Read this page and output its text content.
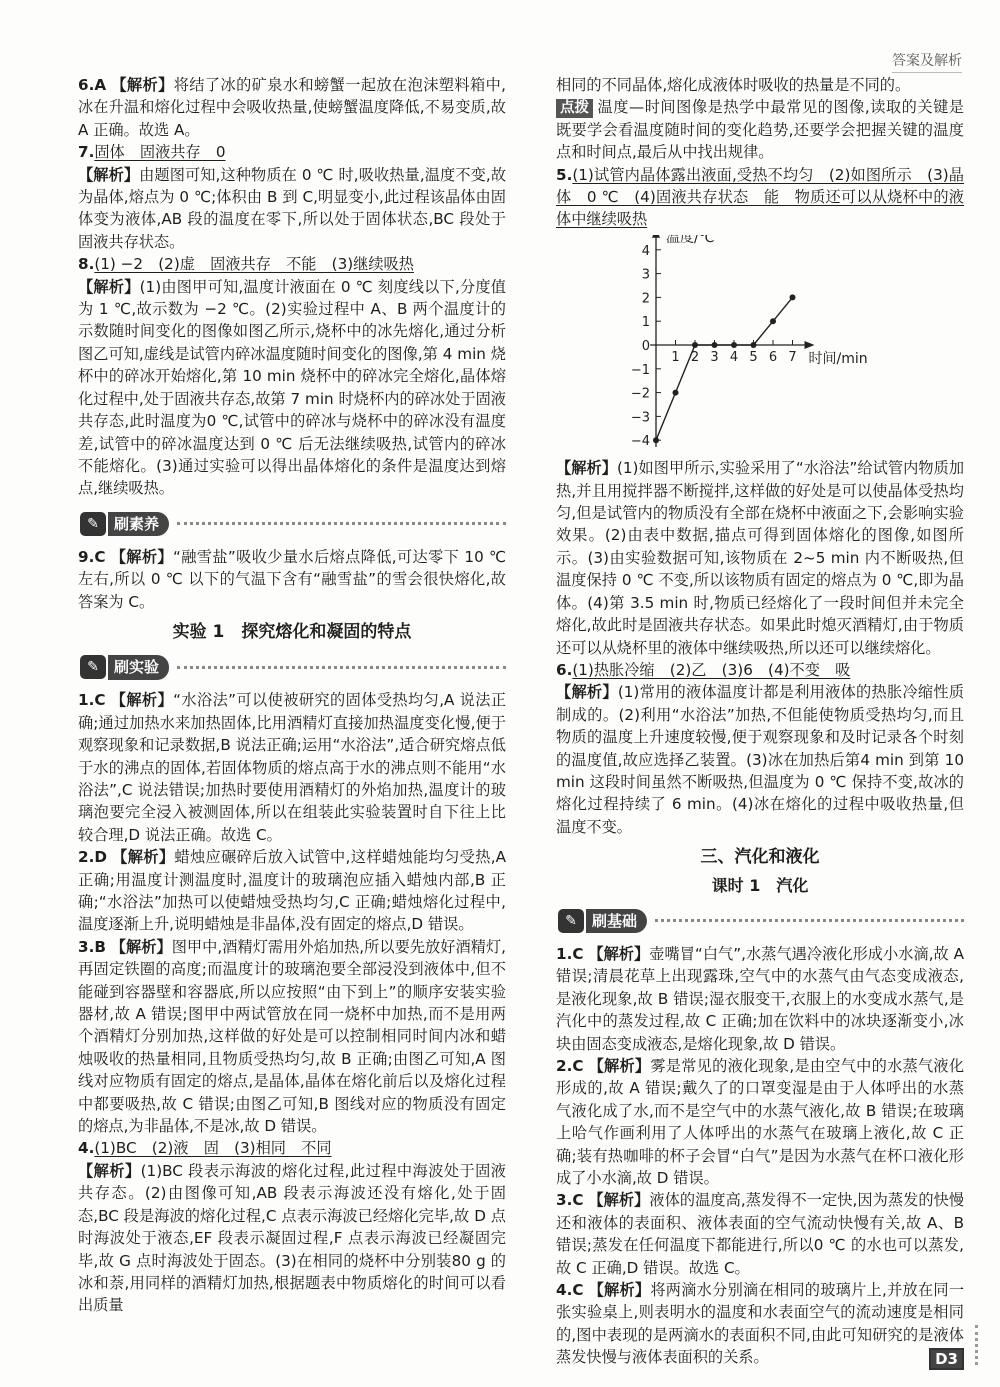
答案及解析

6.A 【解析】将结了冰的矿泉水和螃蟹一起放在泡沫塑料箱中,冰在升温和熔化过程中会吸收热量,使螃蟹温度降低,不易变质,故 A 正确。故选 A。

7.固体　固液共存　0

【解析】由题图可知,这种物质在 0 ℃ 时,吸收热量,温度不变,故为晶体,熔点为 0 ℃;体积由 B 到 C,明显变小,此过程该晶体由固体变为液体,AB 段的温度在零下,所以处于固体状态,BC 段处于固液共存状态。

8.(1) −2　(2)虚　固液共存　不能　(3)继续吸热

【解析】(1)由图甲可知,温度计液面在 0 ℃ 刻度线以下,分度值为 1 ℃,故示数为 −2 ℃。(2)实验过程中 A、B 两个温度计的示数随时间变化的图像如图乙所示,烧杯中的冰先熔化,通过分析图乙可知,虚线是试管内碎冰温度随时间变化的图像,第 4 min 烧杯中的碎冰开始熔化,第 10 min 烧杯中的碎冰完全熔化,晶体熔化过程中,处于固液共存态,故第 7 min 时烧杯内的碎冰处于固液共存态,此时温度为0 ℃,试管中的碎冰与烧杯中的碎冰没有温度差,试管中的碎冰温度达到 0 ℃ 后无法继续吸热,试管内的碎冰不能熔化。(3)通过实验可以得出晶体熔化的条件是温度达到熔点,继续吸热。

✎	刷素养

9.C 【解析】“融雪盐”吸收少量水后熔点降低,可达零下 10 ℃ 左右,所以 0 ℃ 以下的气温下含有“融雪盐”的雪会很快熔化,故答案为 C。

实验 1　探究熔化和凝固的特点
✎	刷实验

1.C 【解析】“水浴法”可以使被研究的固体受热均匀,A 说法正确;通过加热水来加热固体,比用酒精灯直接加热温度变化慢,便于观察现象和记录数据,B 说法正确;运用“水浴法”,适合研究熔点低于水的沸点的固体,若固体物质的熔点高于水的沸点则不能用“水浴法”,C 说法错误;加热时要使用酒精灯的外焰加热,温度计的玻璃泡要完全浸入被测固体,所以在组装此实验装置时自下往上比较合理,D 说法正确。故选 C。

2.D 【解析】蜡烛应碾碎后放入试管中,这样蜡烛能均匀受热,A 正确;用温度计测温度时,温度计的玻璃泡应插入蜡烛内部,B 正确;“水浴法”加热可以使蜡烛受热均匀,C 正确;蜡烛熔化过程中,温度逐渐上升,说明蜡烛是非晶体,没有固定的熔点,D 错误。

3.B 【解析】图甲中,酒精灯需用外焰加热,所以要先放好酒精灯,再固定铁圈的高度;而温度计的玻璃泡要全部浸没到液体中,但不能碰到容器壁和容器底,所以应按照“由下到上”的顺序安装实验器材,故 A 错误;图甲中两试管放在同一烧杯中加热,而不是用两个酒精灯分别加热,这样做的好处是可以控制相同时间内冰和蜡烛吸收的热量相同,且物质受热均匀,故 B 正确;由图乙可知,A 图线对应物质有固定的熔点,是晶体,晶体在熔化前后以及熔化过程中都要吸热,故 C 错误;由图乙可知,B 图线对应的物质没有固定的熔点,为非晶体,不是冰,故 D 错误。

4.(1)BC　(2)液　固　(3)相同　不同

【解析】(1)BC 段表示海波的熔化过程,此过程中海波处于固液共存态。(2)由图像可知,AB 段表示海波还没有熔化,处于固态,BC 段是海波的熔化过程,C 点表示海波已经熔化完毕,故 D 点时海波处于液态,EF 段表示凝固过程,F 点表示海波已经凝固完毕,故 G 点时海波处于固态。(3)在相同的烧杯中分别装80 g 的冰和萘,用同样的酒精灯加热,根据题表中物质熔化的时间可以看出质量

相同的不同晶体,熔化成液体时吸收的热量是不同的。

点拨 温度—时间图像是热学中最常见的图像,读取的关键是既要学会看温度随时间的变化趋势,还要学会把握关键的温度点和时间点,最后从中找出规律。

5.(1)试管内晶体露出液面,受热不均匀　(2)如图所示　(3)晶体　0 ℃　(4)固液共存状态　能　物质还可以从烧杯中的液体中继续吸热

4
3
2
1
0
−1
−2
−3
−4
1 2 3 4 5 6 7
温度/℃
时间/min

【解析】(1)如图甲所示,实验采用了“水浴法”给试管内物质加热,并且用搅拌器不断搅拌,这样做的好处是可以使晶体受热均匀,但是试管内的物质没有全部在烧杯中液面之下,会影响实验效果。(2)由表中数据,描点可得到固体熔化的图像,如图所示。(3)由实验数据可知,该物质在 2~5 min 内不断吸热,但温度保持 0 ℃ 不变,所以该物质有固定的熔点为 0 ℃,即为晶体。(4)第 3.5 min 时,物质已经熔化了一段时间但并未完全熔化,故此时是固液共存状态。如果此时熄灭酒精灯,由于物质还可以从烧杯里的液体中继续吸热,所以还可以继续熔化。

6.(1)热胀冷缩　(2)乙　(3)6　(4)不变　吸

【解析】(1)常用的液体温度计都是利用液体的热胀冷缩性质制成的。(2)利用“水浴法”加热,不但能使物质受热均匀,而且物质的温度上升速度较慢,便于观察现象和及时记录各个时刻的温度值,故应选择乙装置。(3)冰在加热后第4 min 到第 10 min 这段时间虽然不断吸热,但温度为 0 ℃ 保持不变,故冰的熔化过程持续了 6 min。(4)冰在熔化的过程中吸收热量,但温度不变。

三、汽化和液化
课时 1　汽化
✎	刷基础

1.C 【解析】壶嘴冒“白气”,水蒸气遇冷液化形成小水滴,故 A 错误;清晨花草上出现露珠,空气中的水蒸气由气态变成液态,是液化现象,故 B 错误;湿衣服变干,衣服上的水变成水蒸气,是汽化中的蒸发过程,故 C 正确;加在饮料中的冰块逐渐变小,冰块由固态变成液态,是熔化现象,故 D 错误。

2.C 【解析】雾是常见的液化现象,是由空气中的水蒸气液化形成的,故 A 错误;戴久了的口罩变湿是由于人体呼出的水蒸气液化成了水,而不是空气中的水蒸气液化,故 B 错误;在玻璃上哈气作画利用了人体呼出的水蒸气在玻璃上液化,故 C 正确;装有热咖啡的杯子会冒“白气”是因为水蒸气在杯口液化形成了小水滴,故 D 错误。

3.C 【解析】液体的温度高,蒸发得不一定快,因为蒸发的快慢还和液体的表面积、液体表面的空气流动快慢有关,故 A、B 错误;蒸发在任何温度下都能进行,所以0 ℃ 的水也可以蒸发,故 C 正确,D 错误。故选 C。

4.C 【解析】将两滴水分别滴在相同的玻璃片上,并放在同一张实验桌上,则表明水的温度和水表面空气的流动速度是相同的,图中表现的是两滴水的表面积不同,由此可知研究的是液体蒸发快慢与液体表面积的关系。	D3
